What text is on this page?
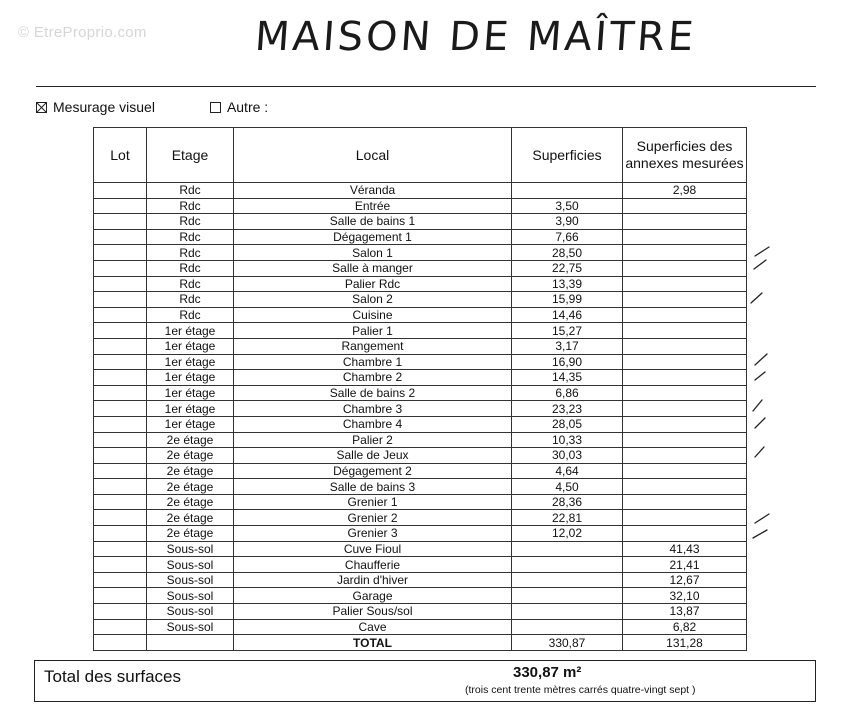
© EtreProprio.com	MAISON DE MAÎTRE
Mesurage visuel	Autre :
Lot	Etage	Local	Superficies	Superficies des annexes mesurées
	Rdc	Véranda		2,98
	Rdc	Entrée	3,50	
	Rdc	Salle de bains 1	3,90	
	Rdc	Dégagement 1	7,66	
	Rdc	Salon 1	28,50	
	Rdc	Salle à manger	22,75	
	Rdc	Palier Rdc	13,39	
	Rdc	Salon 2	15,99	
	Rdc	Cuisine	14,46	
	1er étage	Palier 1	15,27	
	1er étage	Rangement	3,17	
	1er étage	Chambre 1	16,90	
	1er étage	Chambre 2	14,35	
	1er étage	Salle de bains 2	6,86	
	1er étage	Chambre 3	23,23	
	1er étage	Chambre 4	28,05	
	2e étage	Palier 2	10,33	
	2e étage	Salle de Jeux	30,03	
	2e étage	Dégagement 2	4,64	
	2e étage	Salle de bains 3	4,50	
	2e étage	Grenier 1	28,36	
	2e étage	Grenier 2	22,81	
	2e étage	Grenier 3	12,02	
	Sous-sol	Cuve Fioul		41,43
	Sous-sol	Chaufferie		21,41
	Sous-sol	Jardin d'hiver		12,67
	Sous-sol	Garage		32,10
	Sous-sol	Palier Sous/sol		13,87
	Sous-sol	Cave		6,82
		TOTAL	330,87	131,28
Total des surfaces	330,87 m²
(trois cent trente mètres carrés quatre-vingt sept )
